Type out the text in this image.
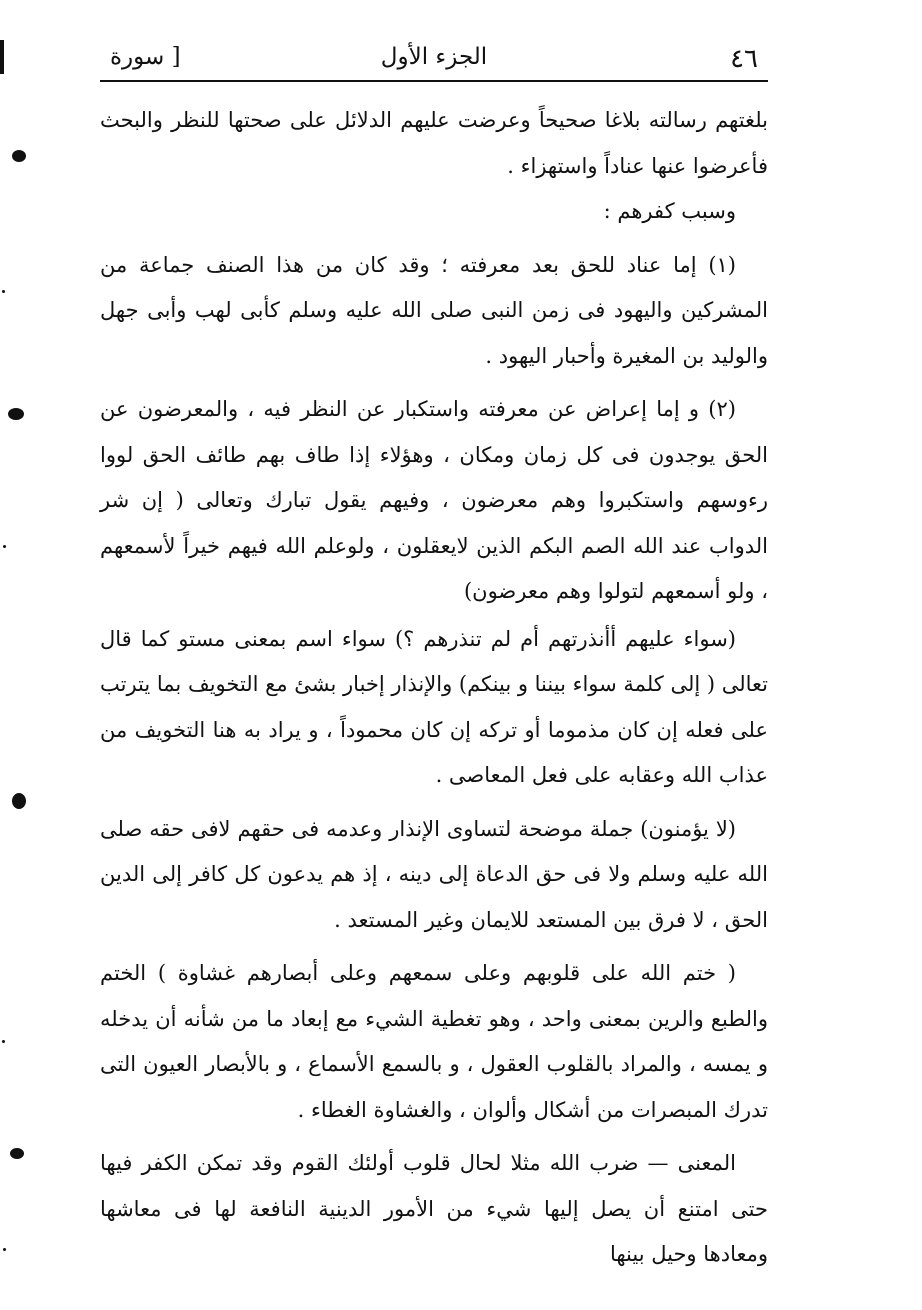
٤٦
الجزء الأول
[ سورة

بلغتهم رسالته بلاغا صحيحاً وعرضت عليهم الدلائل على صحتها للنظر والبحث فأعرضوا عنها عناداً واستهزاء .

وسبب كفرهم :

(١) إما عناد للحق بعد معرفته ؛ وقد كان من هذا الصنف جماعة من المشركين واليهود فى زمن النبى صلى الله عليه وسلم كأبى لهب وأبى جهل والوليد بن المغيرة وأحبار اليهود .

(٢) و إما إعراض عن معرفته واستكبار عن النظر فيه ، والمعرضون عن الحق يوجدون فى كل زمان ومكان ، وهؤلاء إذا طاف بهم طائف الحق لووا رءوسهم واستكبروا وهم معرضون ، وفيهم يقول تبارك وتعالى ( إن شر الدواب عند الله الصم البكم الذين لايعقلون ، ولوعلم الله فيهم خيراً لأسمعهم ، ولو أسمعهم لتولوا وهم معرضون)

(سواء عليهم أأنذرتهم أم لم تنذرهم ؟) سواء اسم بمعنى مستو كما قال تعالى ( إلى كلمة سواء بيننا و بينكم) والإنذار إخبار بشئ مع التخويف بما يترتب على فعله إن كان مذموما أو تركه إن كان محموداً ، و يراد به هنا التخويف من عذاب الله وعقابه على فعل المعاصى .

(لا يؤمنون) جملة موضحة لتساوى الإنذار وعدمه فى حقهم لافى حقه صلى الله عليه وسلم ولا فى حق الدعاة إلى دينه ، إذ هم يدعون كل كافر إلى الدين الحق ، لا فرق بين المستعد للايمان وغير المستعد .

( ختم الله على قلوبهم وعلى سمعهم وعلى أبصارهم غشاوة ) الختم والطبع والرين بمعنى واحد ، وهو تغطية الشيء مع إبعاد ما من شأنه أن يدخله و يمسه ، والمراد بالقلوب العقول ، و بالسمع الأسماع ، و بالأبصار العيون التى تدرك المبصرات من أشكال وألوان ، والغشاوة الغطاء .

المعنى — ضرب الله مثلا لحال قلوب أولئك القوم وقد تمكن الكفر فيها حتى امتنع أن يصل إليها شيء من الأمور الدينية النافعة لها فى معاشها ومعادها وحيل بينها
